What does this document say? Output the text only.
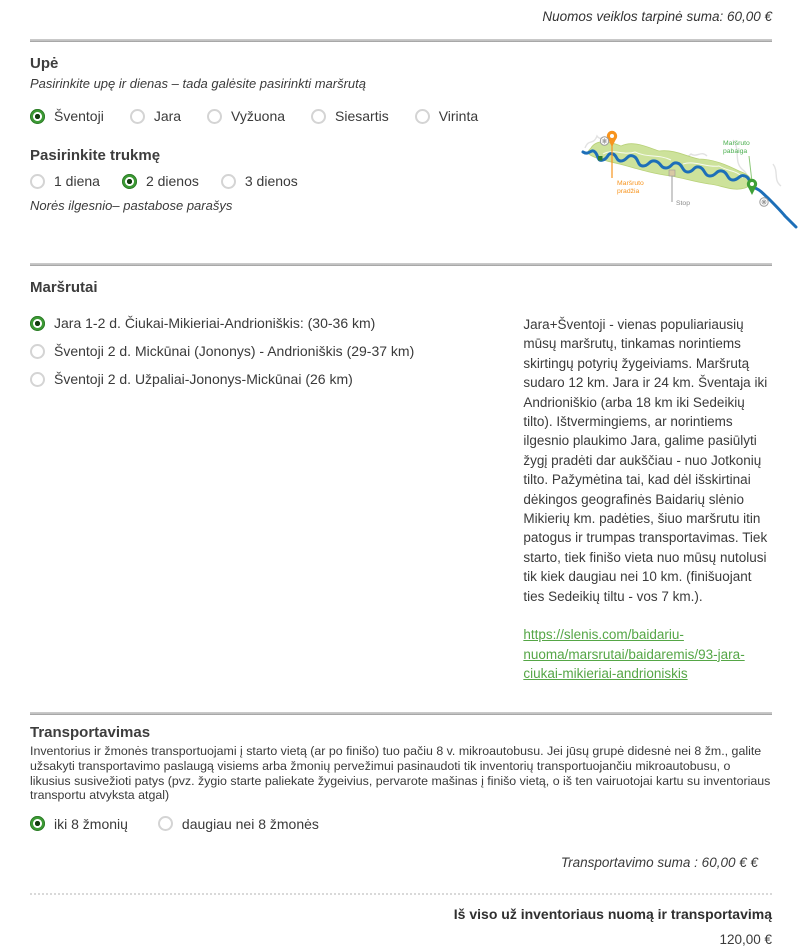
Nuomos veiklos tarpinė suma: 60,00 €
Upė

Pasirinkite upę ir dienas – tada galėsite pasirinkti maršrutą

Šventoji	Jara	Vyžuona	Siesartis	Virinta
Pasirinkite trukmę
1 diena	2 dienos	3 dienos

Norės ilgesnio– pastabose parašys

Maršrutai
Jara 1-2 d. Čiukai-Mikieriai-Andrioniškis: (30-36 km)
Šventoji 2 d. Mickūnai (Jononys) - Andrioniškis (29-37 km)
Šventoji 2 d. Užpaliai-Jononys-Mickūnai (26 km)

Jara+Šventoji - vienas populiariausių mūsų maršrutų, tinkamas norintiems skirtingų potyrių žygeiviams. Maršrutą sudaro 12 km. Jara ir 24 km. Šventaja iki Andrioniškio (arba 18 km iki Sedeikių tilto). Ištvermingiems, ar norintiems ilgesnio plaukimo Jara, galime pasiūlyti žygį pradėti dar aukščiau - nuo Jotkonių tilto. Pažymėtina tai, kad dėl išskirtinai dėkingos geografinės Baidarių slėnio Mikierių km. padėties, šiuo maršrutu itin patogus ir trumpas transportavimas. Tiek starto, tiek finišo vieta nuo mūsų nutolusi tik kiek daugiau nei 10 km. (finišuojant ties Sedeikių tiltu - vos 7 km.).

https://slenis.com/baidariu-nuoma/marsrutai/baidaremis/93-jara-ciukai-mikieriai-andrioniskis
Transportavimas

Inventorius ir žmonės transportuojami į starto vietą (ar po finišo) tuo pačiu 8 v. mikroautobusu. Jei jūsų grupė didesnė nei 8 žm., galite užsakyti transportavimo paslaugą visiems arba žmonių pervežimui pasinaudoti tik inventorių transportuojančiu mikroautobusu, o likusius susivežioti patys (pvz. žygio starte paliekate žygeivius, pervarote mašinas į finišo vietą, o iš ten vairuotojai kartu su inventoriaus transportu atvyksta atgal)

iki 8 žmonių	daugiau nei 8 žmonės
Transportavimo suma : 60,00 € €
Iš viso už inventoriaus nuomą ir transportavimą
120,00 €
Stop
Maršruto
pradžia
Maršruto
pabaiga
